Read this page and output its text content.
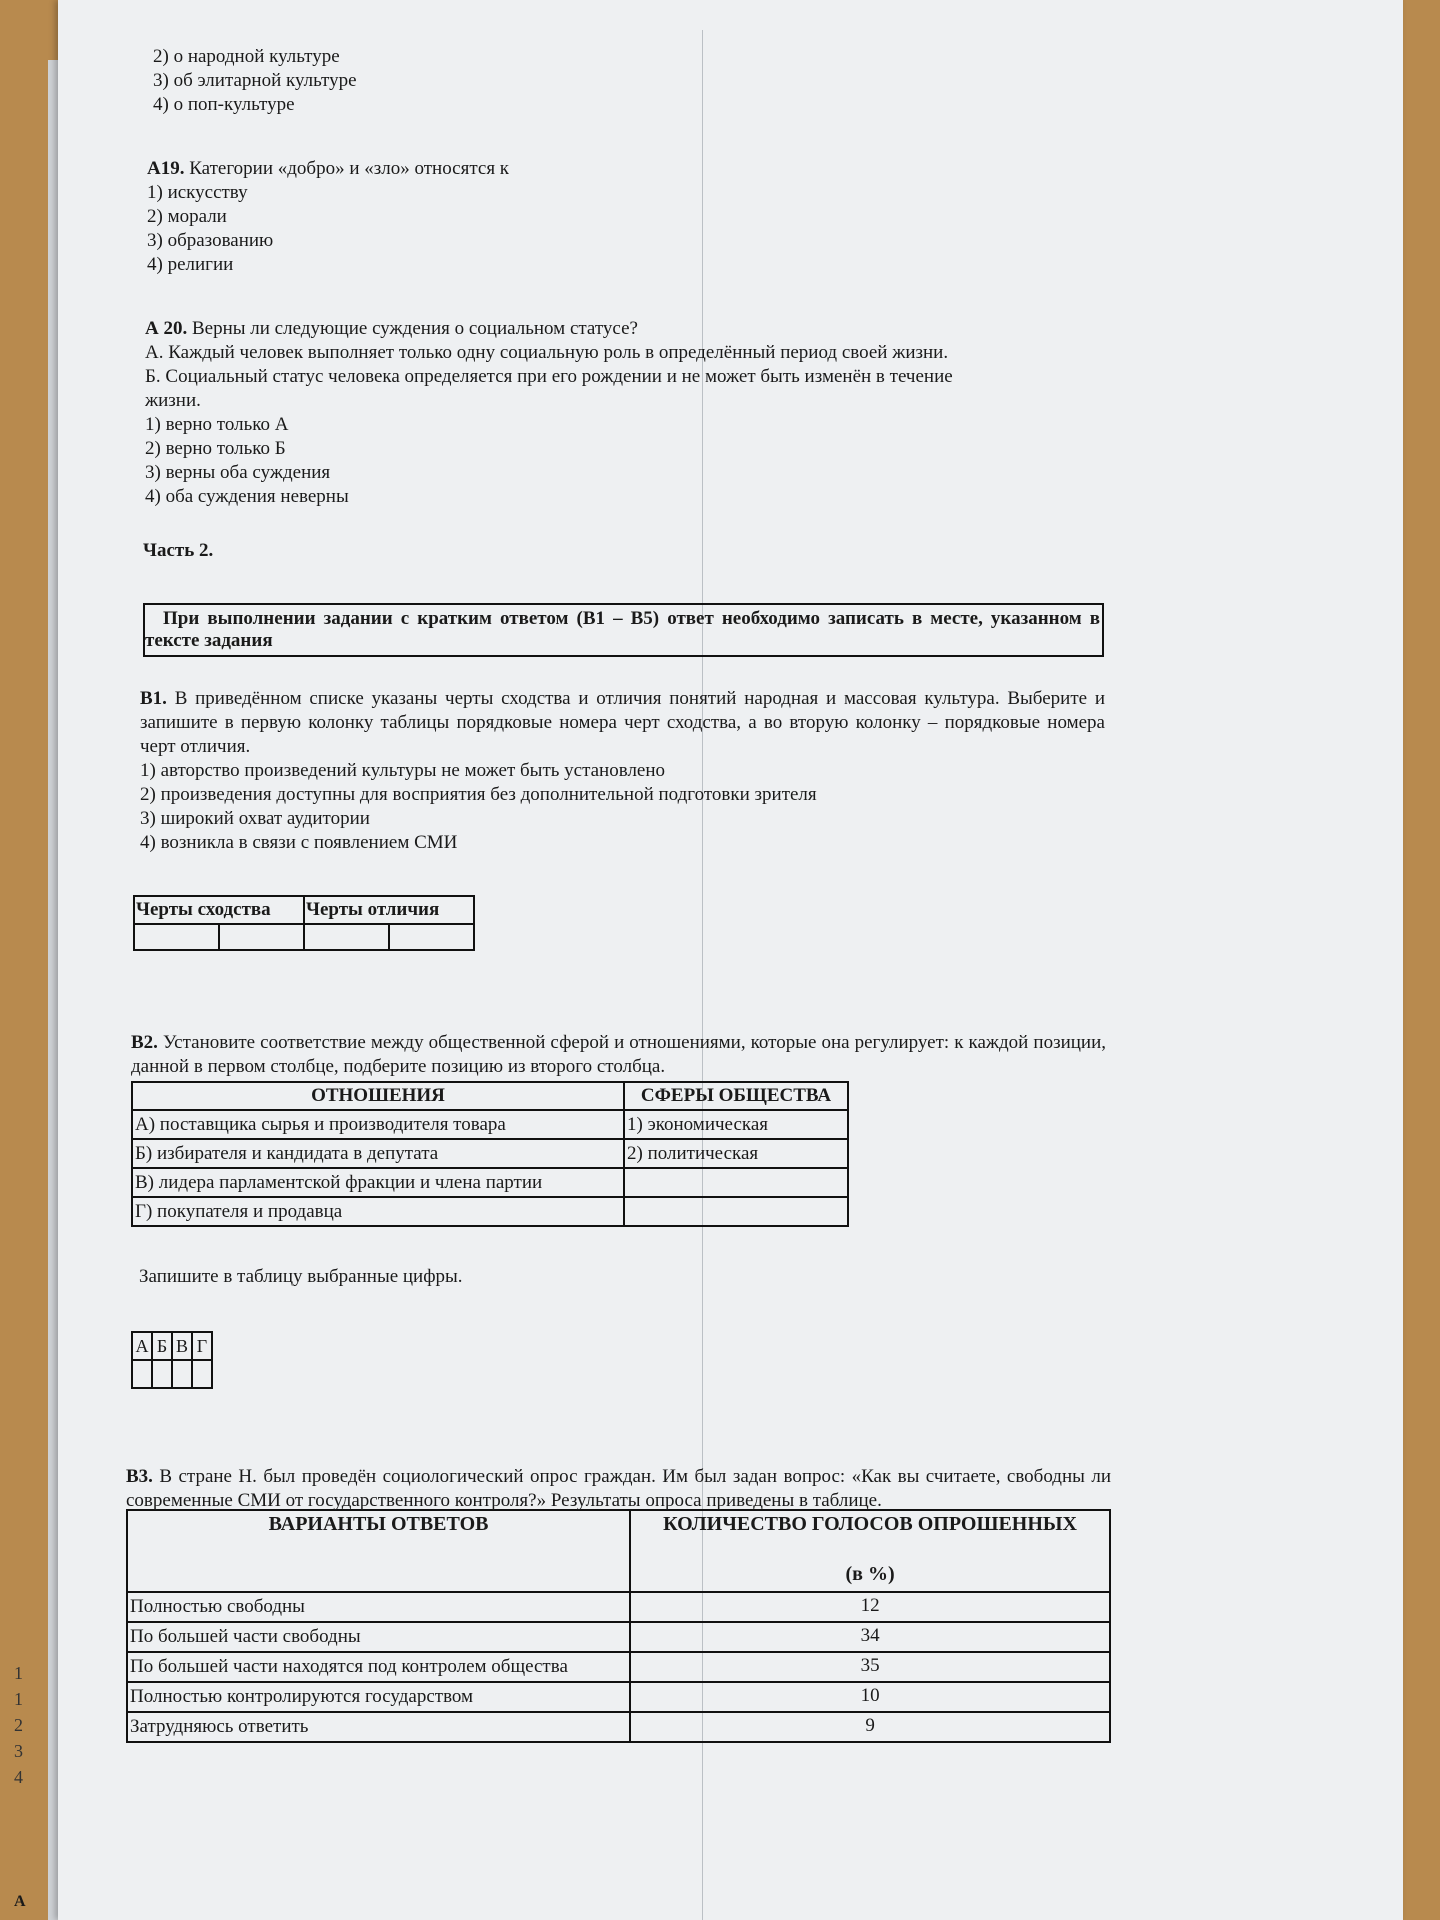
1
1
2
3
4
А
2) о народной культуре
3) об элитарной культуре
4) о поп-культуре
А19. Категории «добро» и «зло» относятся к
1) искусству
2) морали
3) образованию
4) религии
А 20. Верны ли следующие суждения о социальном статусе?
А. Каждый человек выполняет только одну социальную роль в определённый период своей жизни.
Б. Социальный статус человека определяется при его рождении и не может быть изменён в течение
жизни.
1) верно только А
2) верно только Б
3) верны оба суждения
4) оба суждения неверны
Часть 2.
При выполнении задании с кратким ответом (В1 – В5) ответ необходимо записать в месте, указанном в тексте задания
В1. В приведённом списке указаны черты сходства и отличия понятий народная и массовая культура. Выберите и запишите в первую колонку таблицы порядковые номера черт сходства, а во вторую колонку – порядковые номера черт отличия.
1) авторство произведений культуры не может быть установлено
2) произведения доступны для восприятия без дополнительной подготовки зрителя
3) широкий охват аудитории
4) возникла в связи с появлением СМИ
Черты сходства		Черты отличия	

В2. Установите соответствие между общественной сферой и отношениями, которые она регулирует: к каждой позиции, данной в первом столбце, подберите позицию из второго столбца.
ОТНОШЕНИЯ	СФЕРЫ ОБЩЕСТВА
А) поставщика сырья и производителя товара	1) экономическая
Б) избирателя и кандидата в депутата	2) политическая
В) лидера парламентской фракции и члена партии	
Г) покупателя и продавца	
Запишите в таблицу выбранные цифры.
А	Б	В	Г

В3. В стране Н. был проведён социологический опрос граждан. Им был задан вопрос: «Как вы считаете, свободны ли современные СМИ от государственного контроля?» Результаты опроса приведены в таблице.
ВАРИАНТЫ ОТВЕТОВ	КОЛИЧЕСТВО ГОЛОСОВ ОПРОШЕННЫХ
(в %)

Полностью свободны	12
По большей части свободны	34
По большей части находятся под контролем общества	35
Полностью контролируются государством	10
Затрудняюсь ответить	9
